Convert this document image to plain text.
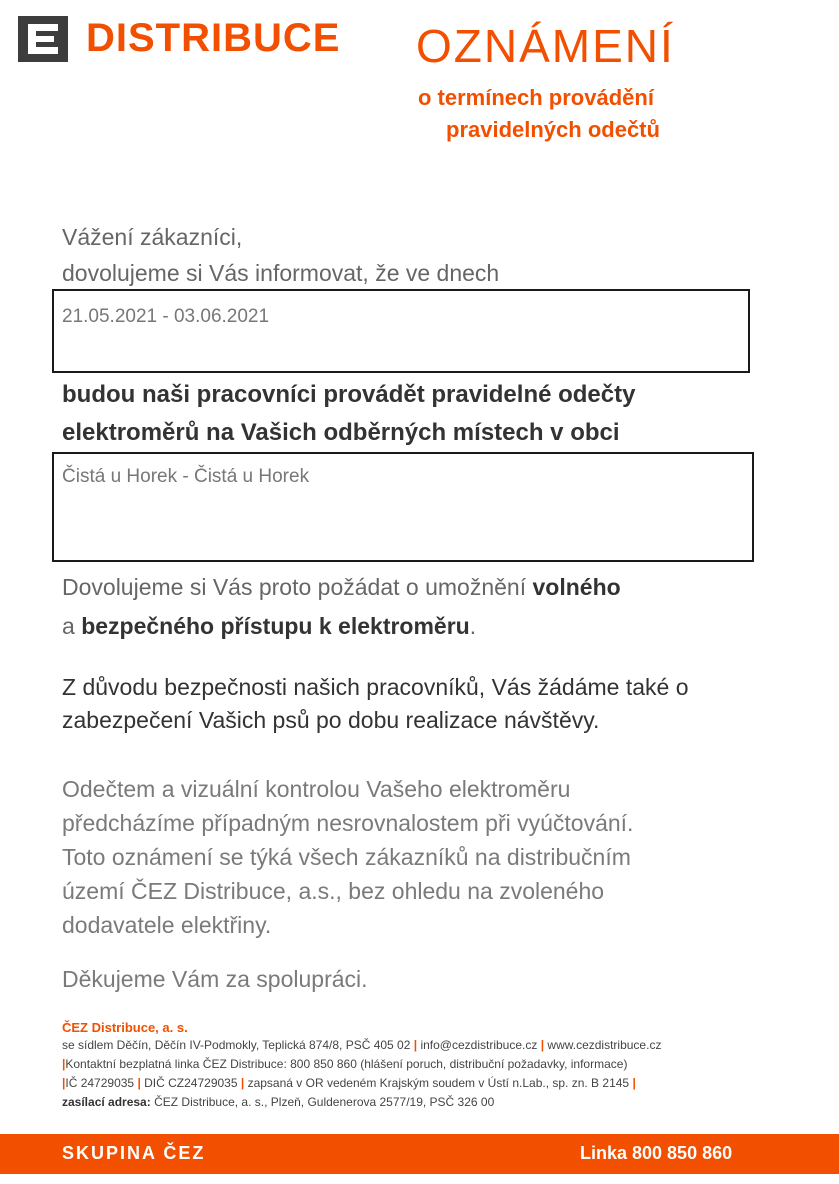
DISTRIBUCE OZNÁMENÍ
o termínech provádění
pravidelných odečtů
Vážení zákazníci,
dovolujeme si Vás informovat, že ve dnech
21.05.2021 - 03.06.2021
budou naši pracovníci provádět pravidelné odečty
elektroměrů na Vašich odběrných místech v obci
Čistá u Horek - Čistá u Horek
Dovolujeme si Vás proto požádat o umožnění volného
a bezpečného přístupu k elektroměru.
Z důvodu bezpečnosti našich pracovníků, Vás žádáme také o
zabezpečení Vašich psů po dobu realizace návštěvy.
Odečtem a vizuální kontrolou Vašeho elektroměru
předcházíme případným nesrovnalostem při vyúčtování.
Toto oznámení se týká všech zákazníků na distribučním
území ČEZ Distribuce, a.s., bez ohledu na zvoleného
dodavatele elektřiny.
Děkujeme Vám za spolupráci.
ČEZ Distribuce, a. s.
se sídlem Děčín, Děčín IV-Podmokly, Teplická 874/8, PSČ 405 02 | info@cezdistribuce.cz | www.cezdistribuce.cz
|Kontaktní bezplatná linka ČEZ Distribuce: 800 850 860 (hlášení poruch, distribuční požadavky, informace)
|IČ 24729035 | DIČ CZ24729035 | zapsaná v OR vedeném Krajským soudem v Ústí n.Lab., sp. zn. B 2145 |
zasílací adresa: ČEZ Distribuce, a. s., Plzeň, Guldenerova 2577/19, PSČ 326 00
SKUPINA ČEZ	Linka 800 850 860
